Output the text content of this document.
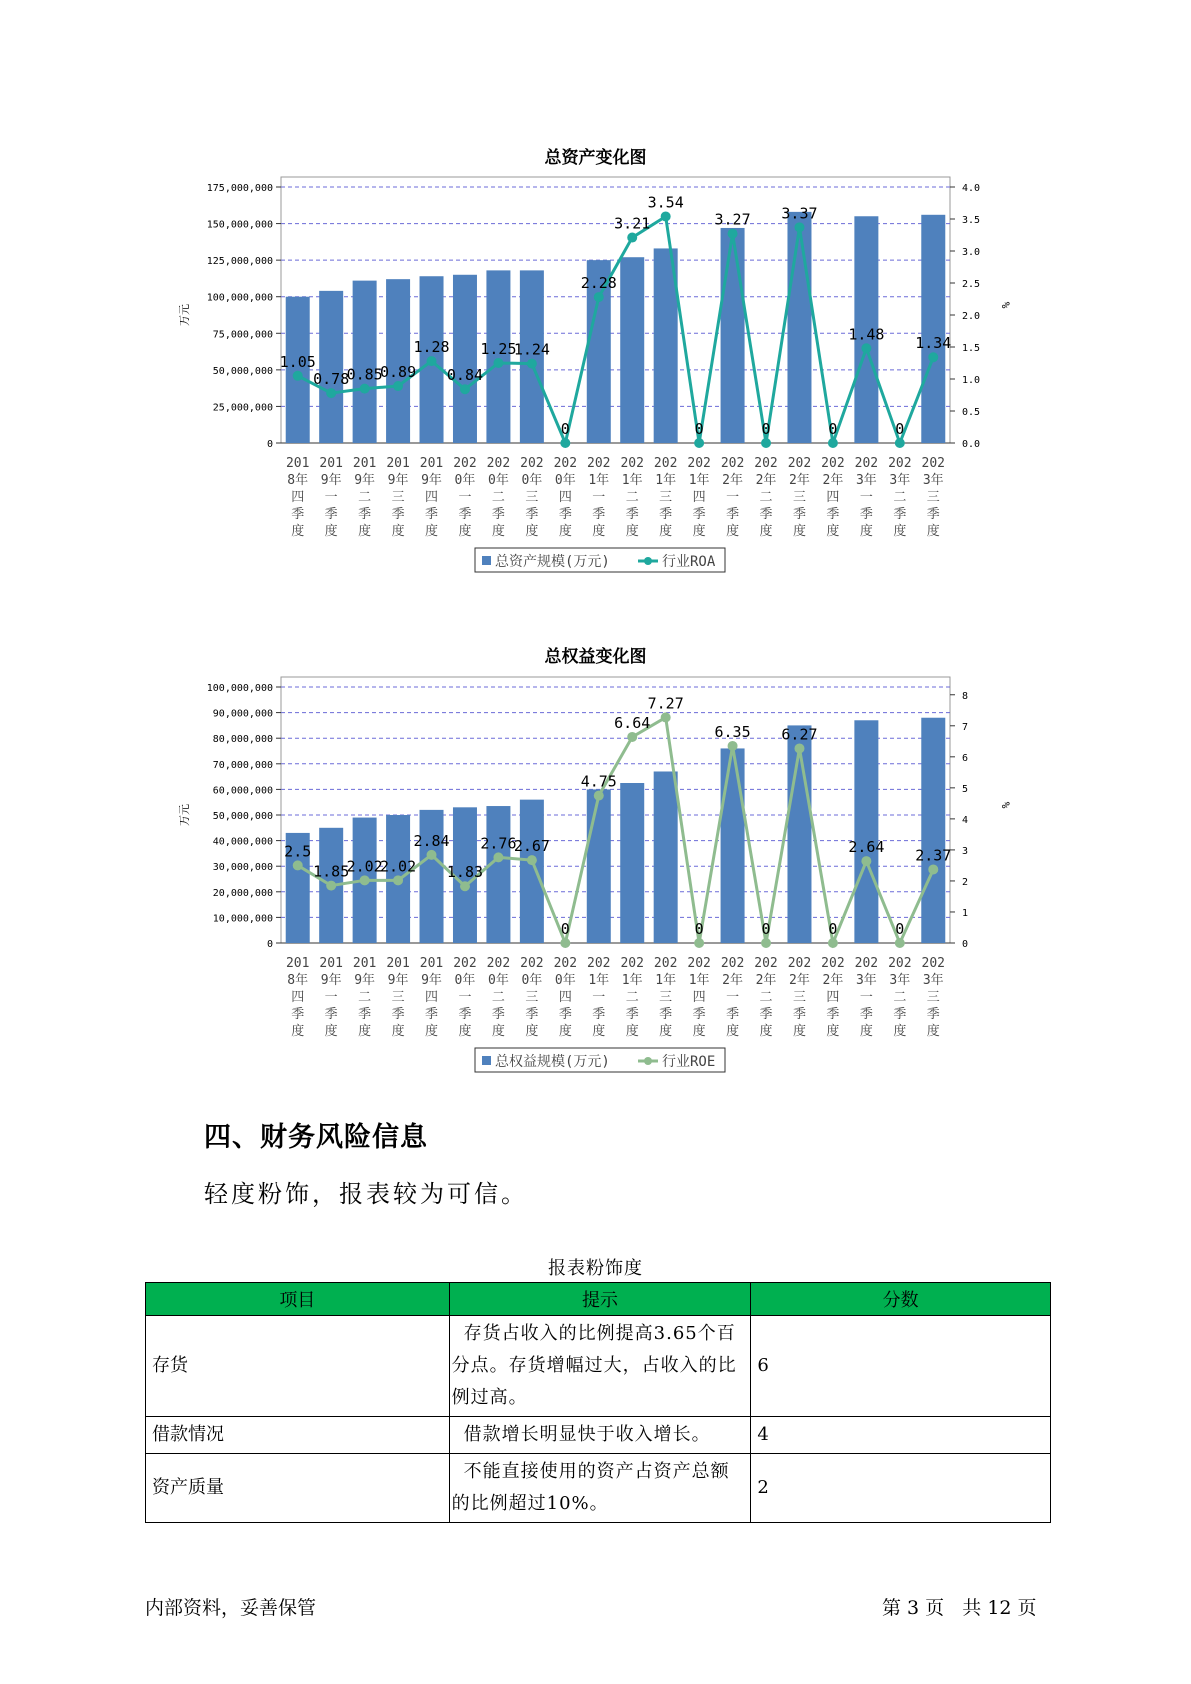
总资产变化图
0
25,000,000
50,000,000
75,000,000
100,000,000
125,000,000
150,000,000
175,000,000
0.0
0.5
1.0
1.5
2.0
2.5
3.0
3.5
4.0
万元	%
1.05
0.78
0.85
0.89
1.28
0.84
1.25
1.24
0
2.28
3.21
3.54
0
3.27
0
3.37
0
1.48
0
1.34
201
8年
四
季
度
201
9年
一
季
度
201
9年
二
季
度
201
9年
三
季
度
201
9年
四
季
度
202
0年
一
季
度
202
0年
二
季
度
202
0年
三
季
度
202
0年
四
季
度
202
1年
一
季
度
202
1年
二
季
度
202
1年
三
季
度
202
1年
四
季
度
202
2年
一
季
度
202
2年
二
季
度
202
2年
三
季
度
202
2年
四
季
度
202
3年
一
季
度
202
3年
二
季
度
202
3年
三
季
度
总资产规模(万元)	行业ROA
总权益变化图
0
10,000,000
20,000,000
30,000,000
40,000,000
50,000,000
60,000,000
70,000,000
80,000,000
90,000,000
100,000,000
0
1
2
3
4
5
6
7
8
万元	%
2.5
1.85
2.02
2.02
2.84
1.83
2.76
2.67
0
4.75
6.64
7.27
0
6.35
0
6.27
0
2.64
0
2.37
201
8年
四
季
度
201
9年
一
季
度
201
9年
二
季
度
201
9年
三
季
度
201
9年
四
季
度
202
0年
一
季
度
202
0年
二
季
度
202
0年
三
季
度
202
0年
四
季
度
202
1年
一
季
度
202
1年
二
季
度
202
1年
三
季
度
202
1年
四
季
度
202
2年
一
季
度
202
2年
二
季
度
202
2年
三
季
度
202
2年
四
季
度
202
3年
一
季
度
202
3年
二
季
度
202
3年
三
季
度
总权益规模(万元)	行业ROE
四、财务风险信息
轻度粉饰，报表较为可信。
报表粉饰度
项目	提示	分数
存货	存货占收入的比例提高3.65个百
分点。存货增幅过大，占收入的比
例过高。	6
借款情况	借款增长明显快于收入增长。	4
资产质量	不能直接使用的资产占资产总额
的比例超过10%。	2
内部资料，妥善保管	第 3 页   共 12 页
